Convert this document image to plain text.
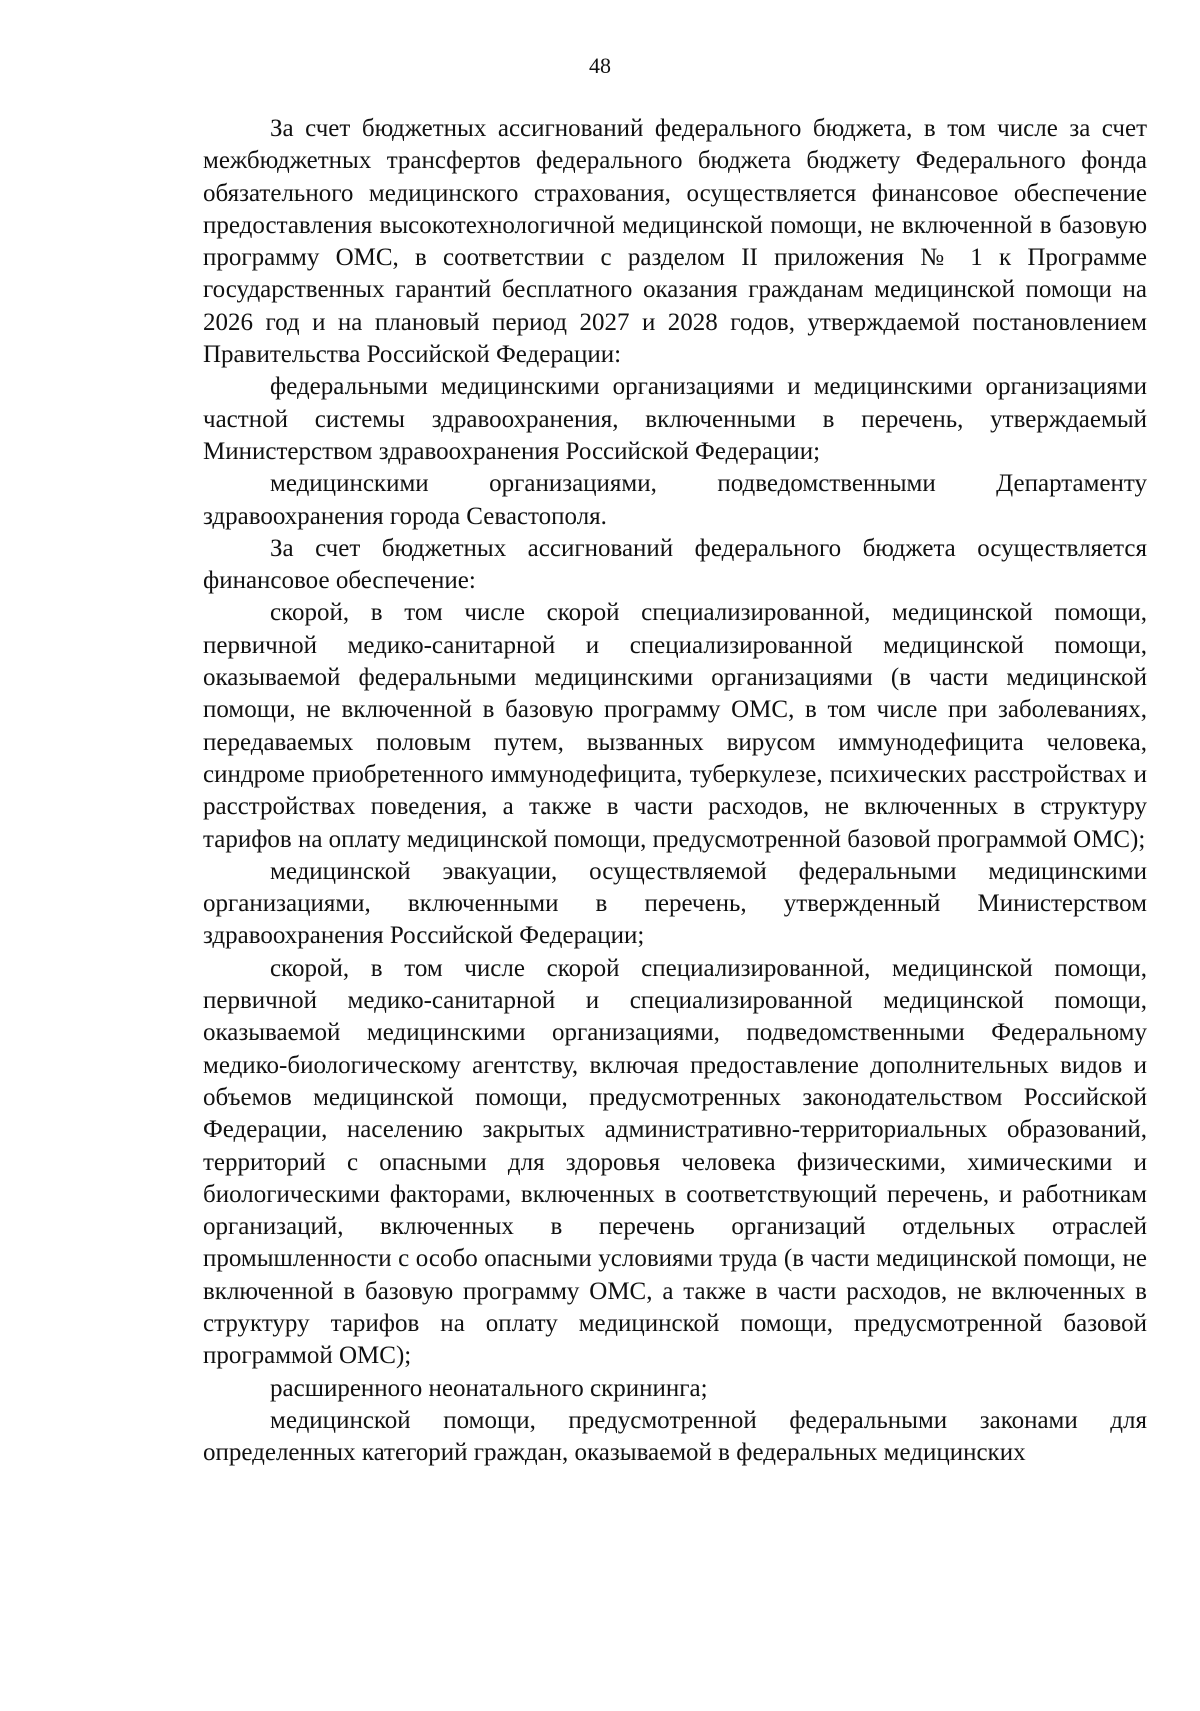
48

За счет бюджетных ассигнований федерального бюджета, в том числе за счет межбюджетных трансфертов федерального бюджета бюджету Федерального фонда обязательного медицинского страхования, осуществляется финансовое обеспечение предоставления высокотехнологичной медицинской помощи, не включенной в базовую программу ОМС, в соответствии с разделом II приложения № 1 к Программе государственных гарантий бесплатного оказания гражданам медицинской помощи на 2026 год и на плановый период 2027 и 2028 годов, утверждаемой постановлением Правительства Российской Федерации:

федеральными медицинскими организациями и медицинскими организациями частной системы здравоохранения, включенными в перечень, утверждаемый Министерством здравоохранения Российской Федерации;

медицинскими организациями, подведомственными Департаменту здравоохранения города Севастополя.

За счет бюджетных ассигнований федерального бюджета осуществляется финансовое обеспечение:

скорой, в том числе скорой специализированной, медицинской помощи, первичной медико-санитарной и специализированной медицинской помощи, оказываемой федеральными медицинскими организациями (в части медицинской помощи, не включенной в базовую программу ОМС, в том числе при заболеваниях, передаваемых половым путем, вызванных вирусом иммунодефицита человека, синдроме приобретенного иммунодефицита, туберкулезе, психических расстройствах и расстройствах поведения, а также в части расходов, не включенных в структуру тарифов на оплату медицинской помощи, предусмотренной базовой программой ОМС);

медицинской эвакуации, осуществляемой федеральными медицинскими организациями, включенными в перечень, утвержденный Министерством здравоохранения Российской Федерации;

скорой, в том числе скорой специализированной, медицинской помощи, первичной медико-санитарной и специализированной медицинской помощи, оказываемой медицинскими организациями, подведомственными Федеральному медико-биологическому агентству, включая предоставление дополнительных видов и объемов медицинской помощи, предусмотренных законодательством Российской Федерации, населению закрытых административно-территориальных образований, территорий с опасными для здоровья человека физическими, химическими и биологическими факторами, включенных в соответствующий перечень, и работникам организаций, включенных в перечень организаций отдельных отраслей промышленности с особо опасными условиями труда (в части медицинской помощи, не включенной в базовую программу ОМС, а также в части расходов, не включенных в структуру тарифов на оплату медицинской помощи, предусмотренной базовой программой ОМС);

расширенного неонатального скрининга;

медицинской помощи, предусмотренной федеральными законами для определенных категорий граждан, оказываемой в федеральных медицинских
